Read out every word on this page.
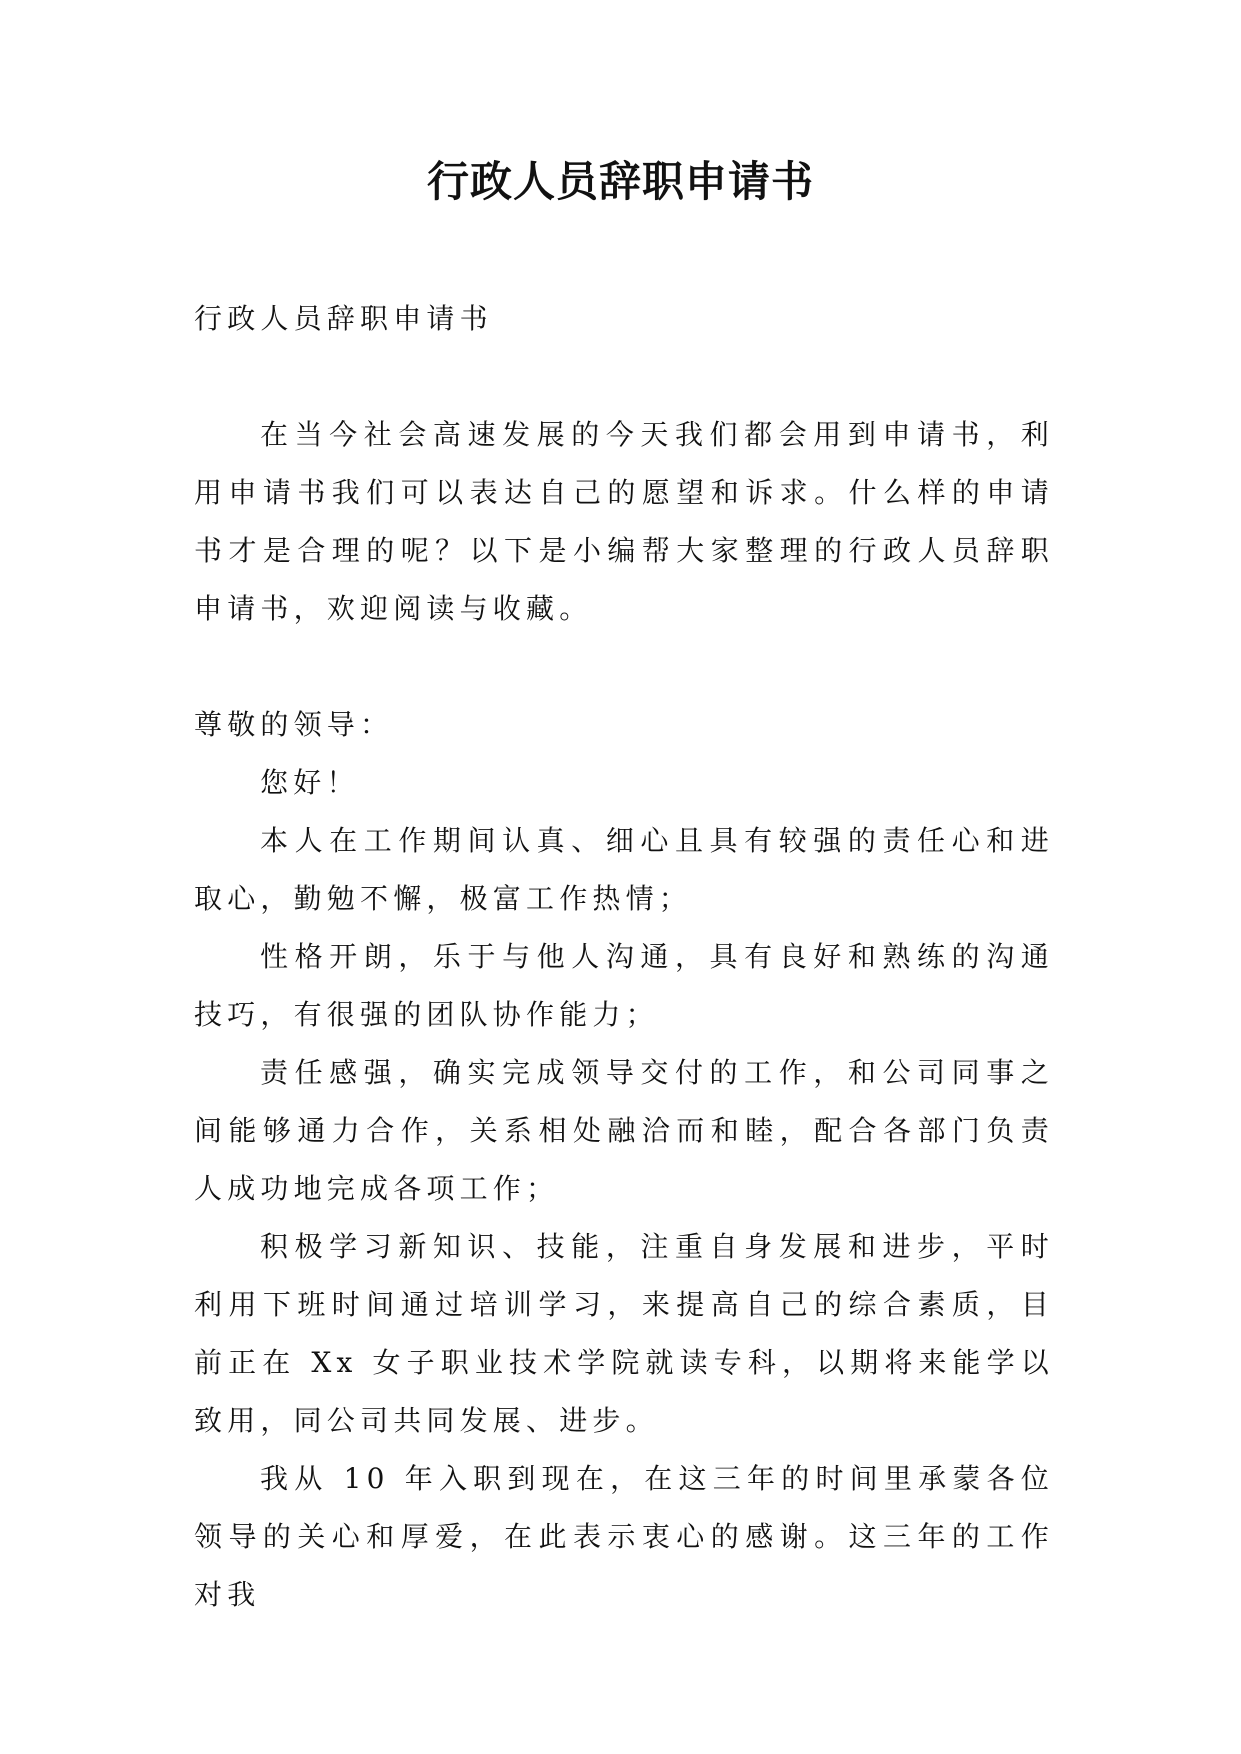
行政人员辞职申请书

行政人员辞职申请书

在当今社会高速发展的今天我们都会用到申请书，利用申请书我们可以表达自己的愿望和诉求。什么样的申请书才是合理的呢？以下是小编帮大家整理的行政人员辞职申请书，欢迎阅读与收藏。

尊敬的领导：

您好！

本人在工作期间认真、细心且具有较强的责任心和进取心，勤勉不懈，极富工作热情；

性格开朗，乐于与他人沟通，具有良好和熟练的沟通技巧，有很强的团队协作能力；

责任感强，确实完成领导交付的工作，和公司同事之间能够通力合作，关系相处融洽而和睦，配合各部门负责人成功地完成各项工作；

积极学习新知识、技能，注重自身发展和进步，平时利用下班时间通过培训学习，来提高自己的综合素质，目前正在 Xx 女子职业技术学院就读专科，以期将来能学以致用，同公司共同发展、进步。

我从 10 年入职到现在，在这三年的时间里承蒙各位领导的关心和厚爱，在此表示衷心的感谢。这三年的工作对我
